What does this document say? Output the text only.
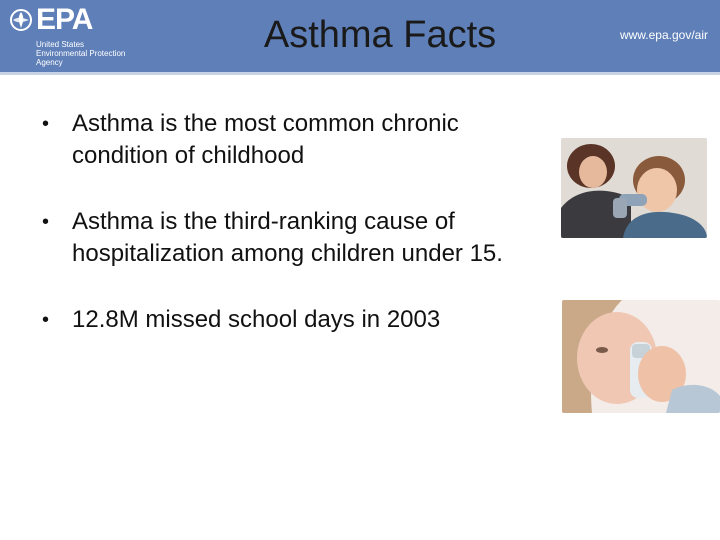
EPA
United States
Environmental Protection
Agency
Asthma Facts	www.epa.gov/air
• Asthma is the most common chronic condition of childhood
• Asthma is the third-ranking cause of hospitalization among children under 15.
• 12.8M missed school days in 2003
